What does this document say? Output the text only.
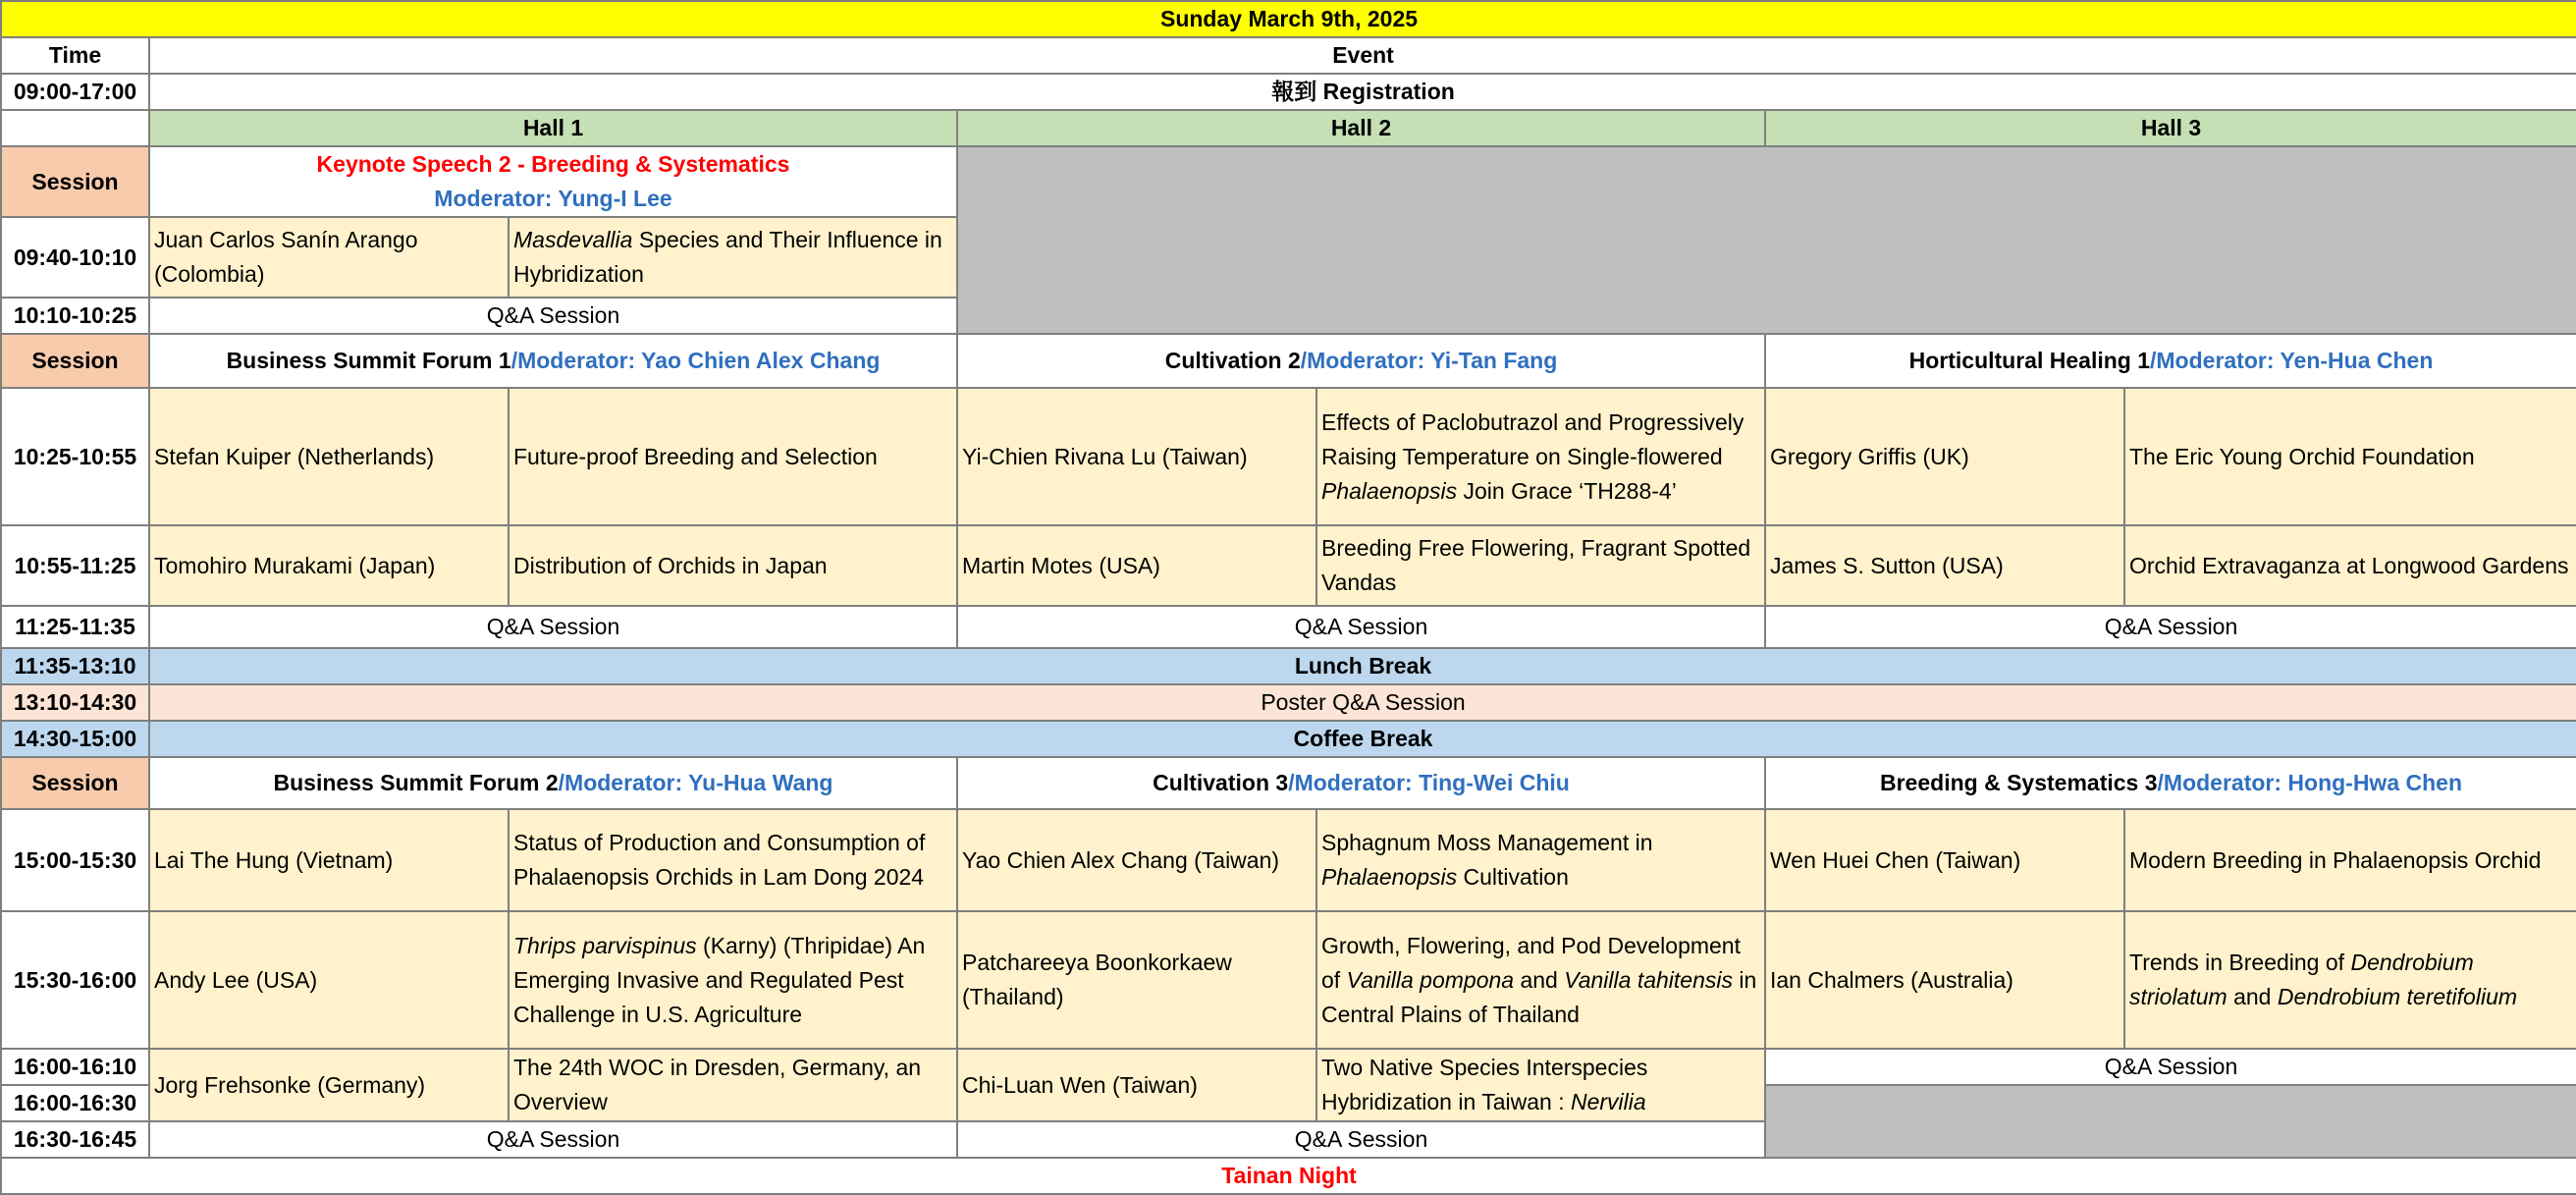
Sunday March 9th, 2025						
Time	Event					
09:00-17:00	報到 Registration					
	Hall 1		Hall 2		Hall 3	
Session	Keynote Speech 2 - Breeding & Systematics
Moderator: Yung-I Lee					

09:40-10:10	Juan Carlos Sanín Arango (Colombia)	Masdevallia Species and Their Influence in Hybridization				
10:10-10:25	Q&A Session					
Session	Business Summit Forum 1/Moderator: Yao Chien Alex Chang		Cultivation 2/Moderator: Yi-Tan Fang		Horticultural Healing 1/Moderator: Yen-Hua Chen	
10:25-10:55	Stefan Kuiper (Netherlands)	Future-proof Breeding and Selection	Yi-Chien Rivana Lu (Taiwan)	Effects of Paclobutrazol and Progressively Raising Temperature on Single-flowered Phalaenopsis Join Grace ‘TH288-4’	Gregory Griffis (UK)	The Eric Young Orchid Foundation
10:55-11:25	Tomohiro Murakami (Japan)	Distribution of Orchids in Japan	Martin Motes (USA)	Breeding Free Flowering, Fragrant Spotted Vandas	James S. Sutton (USA)	Orchid Extravaganza at Longwood Gardens
11:25-11:35	Q&A Session		Q&A Session		Q&A Session	
11:35-13:10	Lunch Break					
13:10-14:30	Poster Q&A Session					
14:30-15:00	Coffee Break					
Session	Business Summit Forum 2/Moderator: Yu-Hua Wang		Cultivation 3/Moderator: Ting-Wei Chiu		Breeding & Systematics 3/Moderator: Hong-Hwa Chen	
15:00-15:30	Lai The Hung (Vietnam)	Status of Production and Consumption of Phalaenopsis Orchids in Lam Dong 2024	Yao Chien Alex Chang (Taiwan)	Sphagnum Moss Management in Phalaenopsis Cultivation	Wen Huei Chen (Taiwan)	Modern Breeding in Phalaenopsis Orchid
15:30-16:00	Andy Lee (USA)	Thrips parvispinus (Karny) (Thripidae) An Emerging Invasive and Regulated Pest Challenge in U.S. Agriculture	Patchareeya Boonkorkaew (Thailand)	Growth, Flowering, and Pod Development of Vanilla pompona and Vanilla tahitensis in Central Plains of Thailand	Ian Chalmers (Australia)	Trends in Breeding of Dendrobium striolatum and Dendrobium teretifolium
16:00-16:10	Jorg Frehsonke (Germany)	The 24th WOC in Dresden, Germany, an Overview	Chi-Luan Wen (Taiwan)	Two Native Species Interspecies Hybridization in Taiwan : Nervilia	Q&A Session	
16:00-16:30						
16:30-16:45	Q&A Session		Q&A Session			
Tainan Night						
